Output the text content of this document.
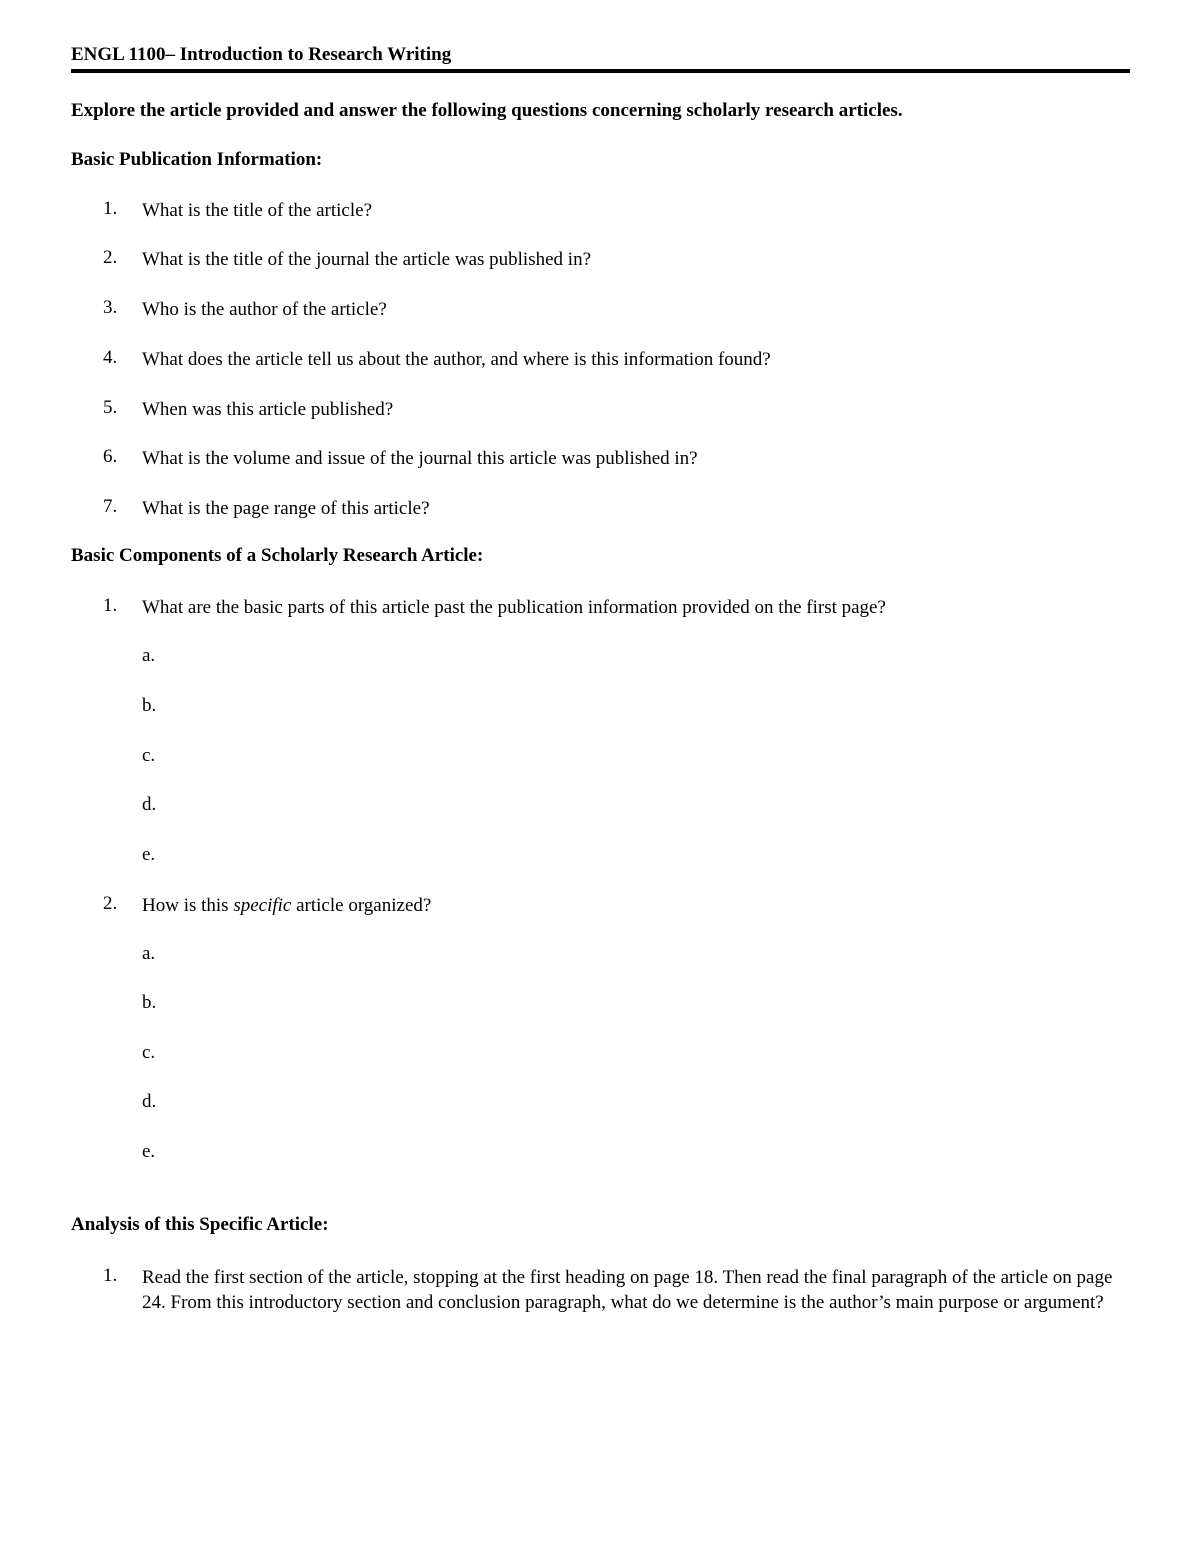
ENGL 1100– Introduction to Research Writing
Explore the article provided and answer the following questions concerning scholarly research articles.
Basic Publication Information:
1.	What is the title of the article?
2.	What is the title of the journal the article was published in?
3.	Who is the author of the article?
4.	What does the article tell us about the author, and where is this information found?
5.	When was this article published?
6.	What is the volume and issue of the journal this article was published in?
7.	What is the page range of this article?
Basic Components of a Scholarly Research Article:
1.	What are the basic parts of this article past the publication information provided on the first page?
a.
b.
c.
d.
e.
2.	How is this specific article organized?
a.
b.
c.
d.
e.
Analysis of this Specific Article:
1.	Read the first section of the article, stopping at the first heading on page 18. Then read the final paragraph of the article on page 24. From this introductory section and conclusion paragraph, what do we determine is the author’s main purpose or argument?
